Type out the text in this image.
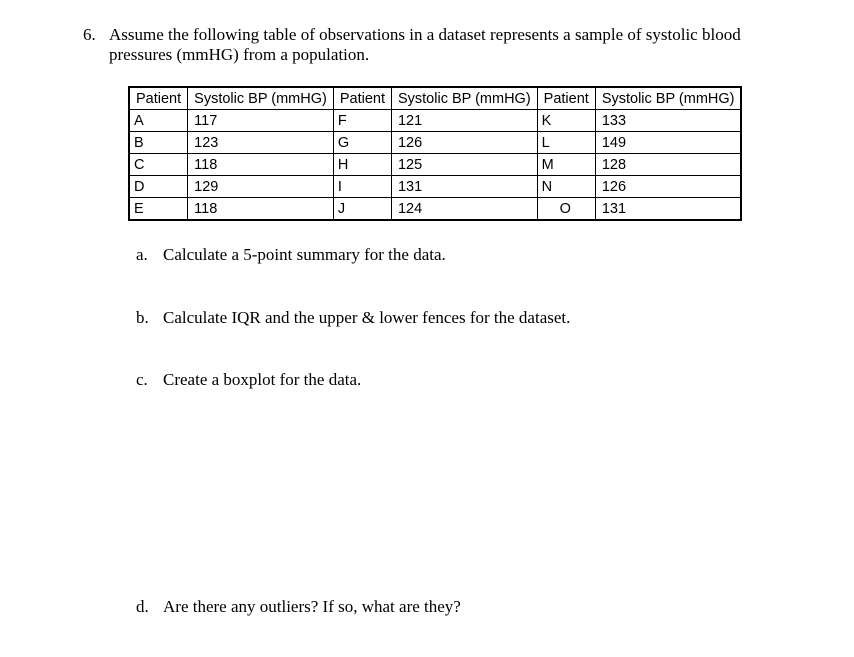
6. Assume the following table of observations in a dataset represents a sample of systolic blood
pressures (mmHG) from a population.
Patient	Systolic BP (mmHG)	Patient	Systolic BP (mmHG)	Patient	Systolic BP (mmHG)
A	117	F	121	K	133
B	123	G	126	L	149
C	118	H	125	M	128
D	129	I	131	N	126
E	118	J	124	O	131
a. Calculate a 5-point summary for the data.
b. Calculate IQR and the upper & lower fences for the dataset.
c. Create a boxplot for the data.
d. Are there any outliers? If so, what are they?
